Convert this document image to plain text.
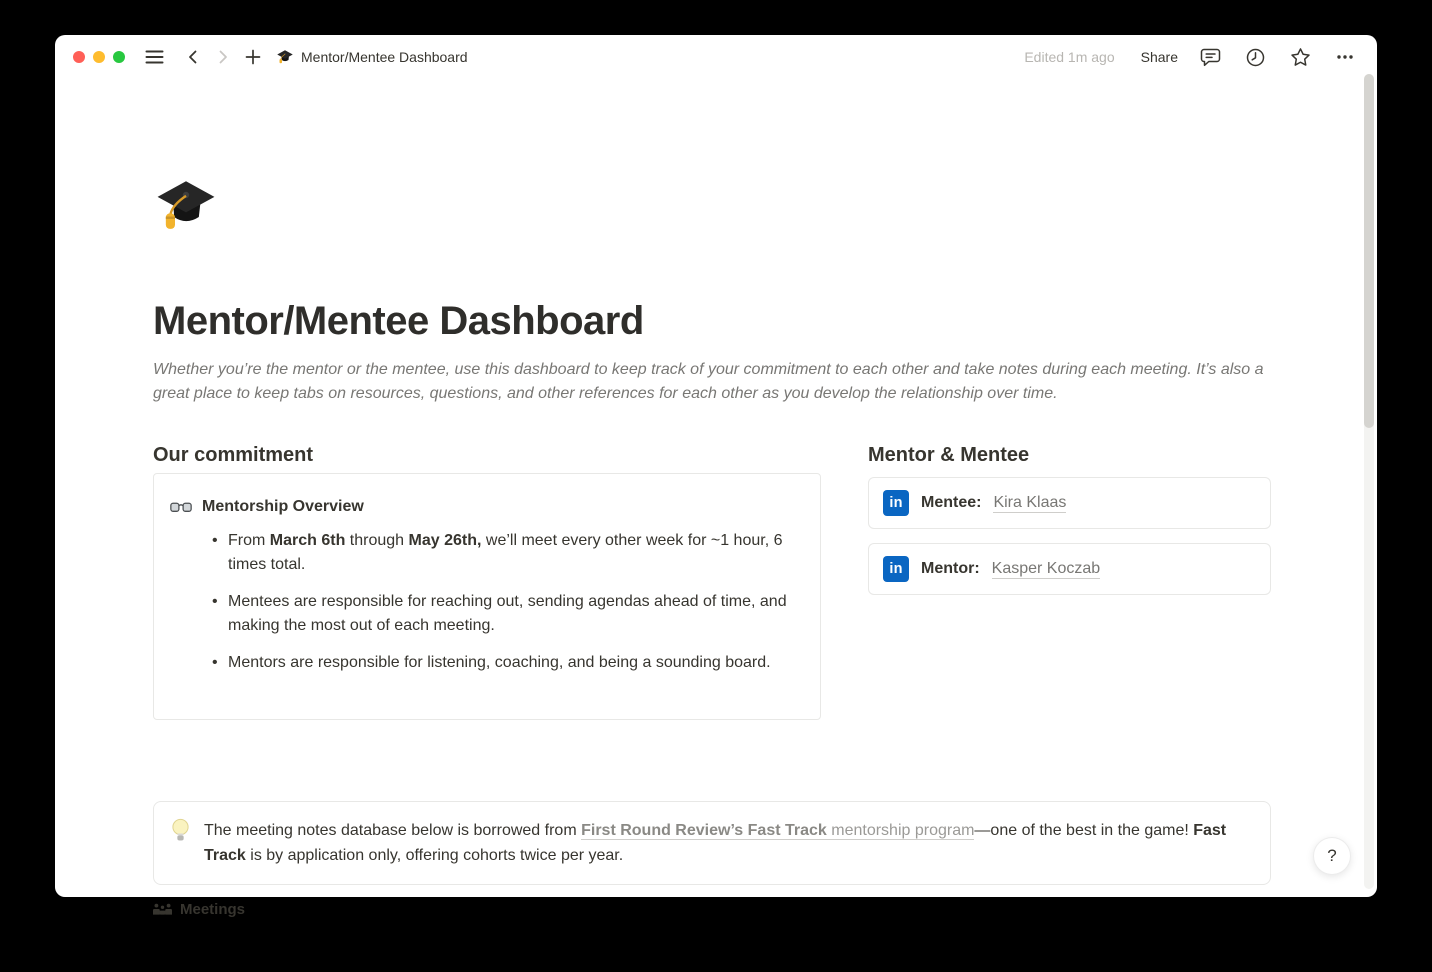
Mentor/Mentee Dashboard	Edited 1m ago Share
Mentor/Mentee Dashboard

Whether you’re the mentor or the mentee, use this dashboard to keep track of your commitment to each other and take notes during each meeting. It’s also a great place to keep tabs on resources, questions, and other references for each other as you develop the relationship over time.

Our commitment
Mentorship Overview
• From March 6th through May 26th, we’ll meet every other week for ~1 hour, 6 times total.
• Mentees are responsible for reaching out, sending agendas ahead of time, and making the most out of each meeting.
• Mentors are responsible for listening, coaching, and being a sounding board.
Mentor & Mentee
in Mentee: Kira Klaas
in Mentor: Kasper Koczab

The meeting notes database below is borrowed from First Round Review’s Fast Track mentorship program—one of the best in the game! Fast Track is by application only, offering cohorts twice per year.

Meetings
?
